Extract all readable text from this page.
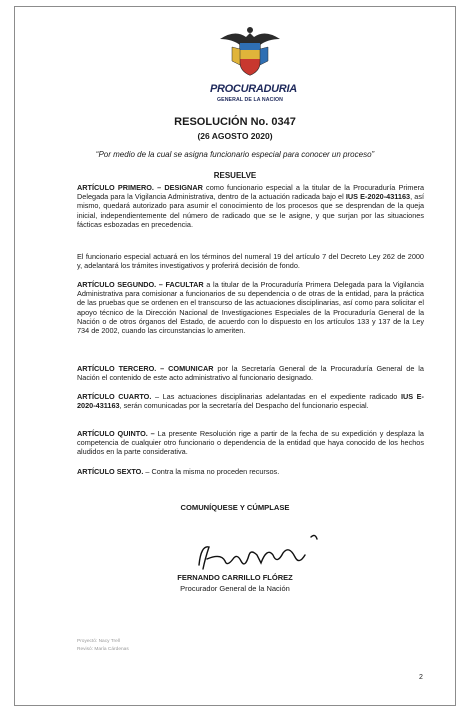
PROCURADURIA
GENERAL DE LA NACION
RESOLUCIÓN No. 0347
(26 AGOSTO 2020)
“Por medio de la cual se asigna funcionario especial para conocer un proceso”
RESUELVE

ARTÍCULO PRIMERO. – DESIGNAR como funcionario especial a la titular de la Procuraduría Primera Delegada para la Vigilancia Administrativa, dentro de la actuación radicada bajo el IUS E-2020-431163, así mismo, quedará autorizado para asumir el conocimiento de los procesos que se desprendan de la queja inicial, independientemente del número de radicado que se le asigne, y que surjan por las situaciones fácticas esbozadas en precedencia.

El funcionario especial actuará en los términos del numeral 19 del artículo 7 del Decreto Ley 262 de 2000 y, adelantará los trámites investigativos y proferirá decisión de fondo.

ARTÍCULO SEGUNDO. – FACULTAR a la titular de la Procuraduría Primera Delegada para la Vigilancia Administrativa para comisionar a funcionarios de su dependencia o de otras de la entidad, para la práctica de las pruebas que se ordenen en el transcurso de las actuaciones disciplinarias, así como para solicitar el apoyo técnico de la Dirección Nacional de Investigaciones Especiales de la Procuraduría General de la Nación o de otros órganos del Estado, de acuerdo con lo dispuesto en los artículos 133 y 137 de la Ley 734 de 2002, cuando las circunstancias lo ameriten.

ARTÍCULO TERCERO. – COMUNICAR por la Secretaría General de la Procuraduría General de la Nación el contenido de este acto administrativo al funcionario designado.

ARTÍCULO CUARTO. – Las actuaciones disciplinarias adelantadas en el expediente radicado IUS E-2020-431163, serán comunicadas por la secretaría del Despacho del funcionario especial.

ARTÍCULO QUINTO. – La presente Resolución rige a partir de la fecha de su expedición y desplaza la competencia de cualquier otro funcionario o dependencia de la entidad que haya conocido de los hechos aludidos en la parte considerativa.

ARTÍCULO SEXTO. – Contra la misma no proceden recursos.

COMUNÍQUESE Y CÚMPLASE
FERNANDO CARRILLO FLÓREZ
Procurador General de la Nación
Proyectó: Nacy Trell
Revisó: María Cárdenas
2
